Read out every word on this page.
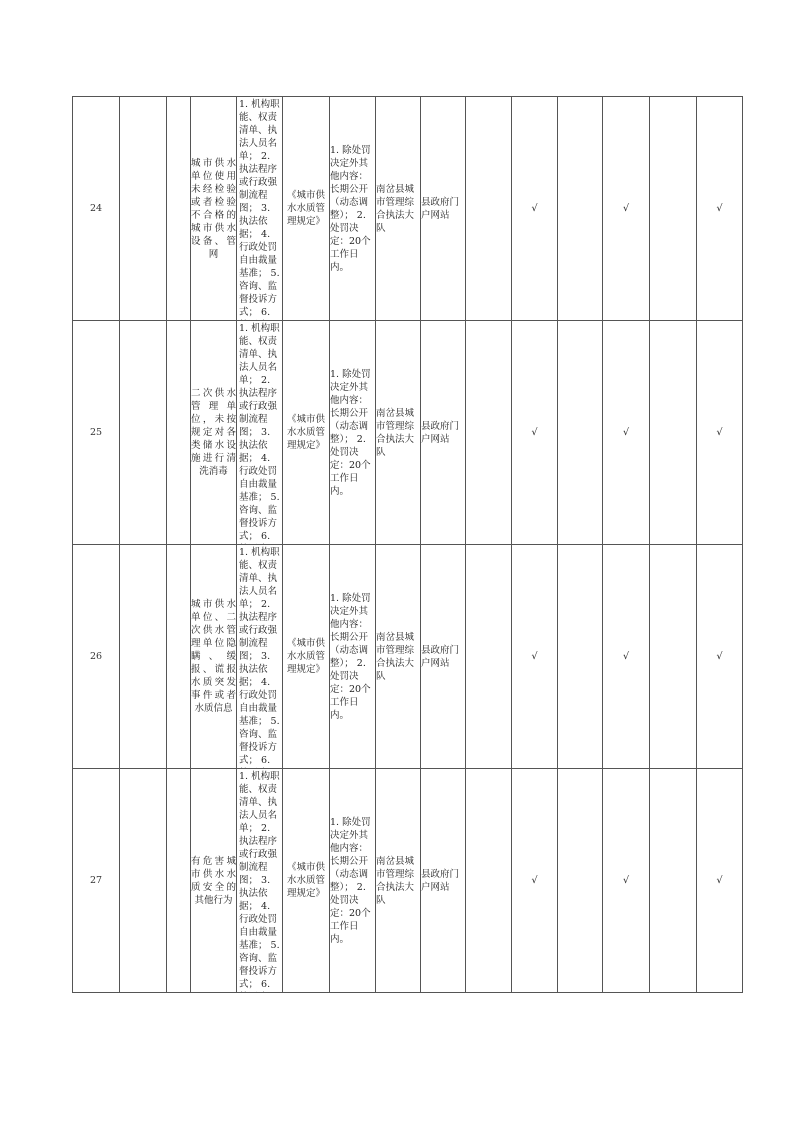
24			城市供水单位使用未经检验或者检验不合格的城市供水设备、管网	1. 机构职能、权责清单、执法人员名单； 2. 执法程序或行政强制流程图； 3. 执法依据； 4. 行政处罚自由裁量基准； 5. 咨询、监督投诉方式； 6.	《城市供水水质管理规定》	1. 除处罚决定外其他内容：长期公开（动态调整）； 2. 处罚决定：20个工作日内。	南岔县城市管理综合执法大队	县政府门户网站		√		√		√	
25			二次供水管理单位，未按规定对各类储水设施进行清洗消毒	1. 机构职能、权责清单、执法人员名单； 2. 执法程序或行政强制流程图； 3. 执法依据； 4. 行政处罚自由裁量基准； 5. 咨询、监督投诉方式； 6.	《城市供水水质管理规定》	1. 除处罚决定外其他内容：长期公开（动态调整）； 2. 处罚决定：20个工作日内。	南岔县城市管理综合执法大队	县政府门户网站		√		√		√	
26			城市供水单位、二次供水管理单位隐瞒、缓报、谎报水质突发事件或者水质信息	1. 机构职能、权责清单、执法人员名单； 2. 执法程序或行政强制流程图； 3. 执法依据； 4. 行政处罚自由裁量基准； 5. 咨询、监督投诉方式； 6.	《城市供水水质管理规定》	1. 除处罚决定外其他内容：长期公开（动态调整）； 2. 处罚决定：20个工作日内。	南岔县城市管理综合执法大队	县政府门户网站		√		√		√	
27			有危害城市供水水质安全的其他行为	1. 机构职能、权责清单、执法人员名单； 2. 执法程序或行政强制流程图； 3. 执法依据； 4. 行政处罚自由裁量基准； 5. 咨询、监督投诉方式； 6.	《城市供水水质管理规定》	1. 除处罚决定外其他内容：长期公开（动态调整）； 2. 处罚决定：20个工作日内。	南岔县城市管理综合执法大队	县政府门户网站		√		√		√	
